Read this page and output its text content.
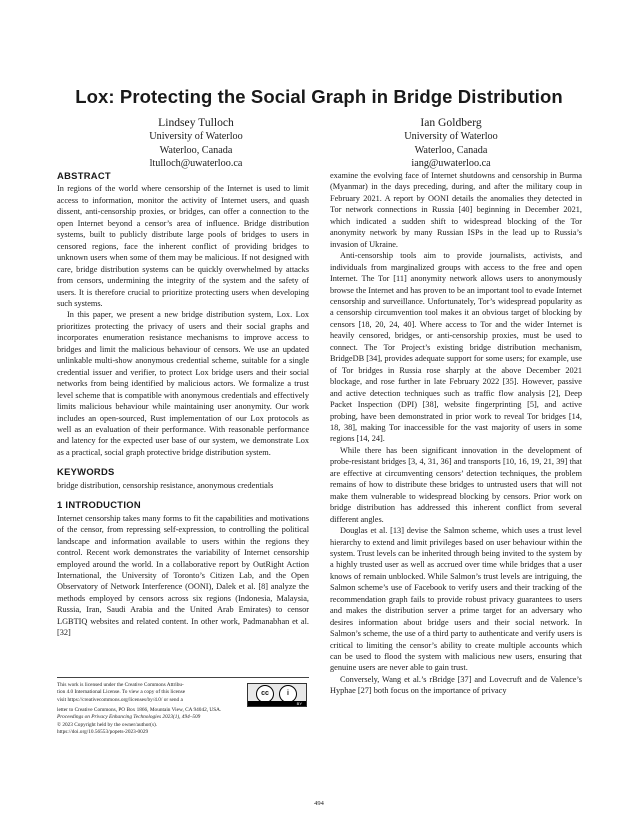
Lox: Protecting the Social Graph in Bridge Distribution
Lindsey Tulloch
University of Waterloo
Waterloo, Canada
ltulloch@uwaterloo.ca
Ian Goldberg
University of Waterloo
Waterloo, Canada
iang@uwaterloo.ca
ABSTRACT

In regions of the world where censorship of the Internet is used to limit access to information, monitor the activity of Internet users, and quash dissent, anti-censorship proxies, or bridges, can offer a connection to the open Internet beyond a censor’s area of influence. Bridge distribution systems, built to publicly distribute large pools of bridges to users in censored regions, face the inherent conflict of providing bridges to unknown users when some of them may be malicious. If not designed with care, bridge distribution systems can be quickly overwhelmed by attacks from censors, undermining the integrity of the system and the safety of users. It is therefore crucial to prioritize protecting users when developing such systems.

In this paper, we present a new bridge distribution system, Lox. Lox prioritizes protecting the privacy of users and their social graphs and incorporates enumeration resistance mechanisms to improve access to bridges and limit the malicious behaviour of censors. We use an updated unlinkable multi-show anonymous credential scheme, suitable for a single credential issuer and verifier, to protect Lox bridge users and their social networks from being identified by malicious actors. We formalize a trust level scheme that is compatible with anonymous credentials and effectively limits malicious behaviour while maintaining user anonymity. Our work includes an open-sourced, Rust implementation of our Lox protocols as well as an evaluation of their performance. With reasonable performance and latency for the expected user base of our system, we demonstrate Lox as a practical, social graph protective bridge distribution system.

KEYWORDS

bridge distribution, censorship resistance, anonymous credentials

1 INTRODUCTION

Internet censorship takes many forms to fit the capabilities and motivations of the censor, from repressing self-expression, to controlling the political landscape and information available to users within the regions they control. Recent work demonstrates the variability of Internet censorship employed around the world. In a collaborative report by OutRight Action International, the University of Toronto’s Citizen Lab, and the Open Observatory of Network Interference (OONI), Dalek et al. [8] analyze the methods employed by censors across six regions (Indonesia, Malaysia, Russia, Iran, Saudi Arabia and the United Arab Emirates) to censor LGBTIQ websites and related content. In other work, Padmanabhan et al. [32]

examine the evolving face of Internet shutdowns and censorship in Burma (Myanmar) in the days preceding, during, and after the military coup in February 2021. A report by OONI details the anomalies they detected in Tor network connections in Russia [40] beginning in December 2021, which indicated a sudden shift to widespread blocking of the Tor anonymity network by many Russian ISPs in the lead up to Russia’s invasion of Ukraine.

Anti-censorship tools aim to provide journalists, activists, and individuals from marginalized groups with access to the free and open Internet. The Tor [11] anonymity network allows users to anonymously browse the Internet and has proven to be an important tool to evade Internet censorship and surveillance. Unfortunately, Tor’s widespread popularity as a censorship circumvention tool makes it an obvious target of blocking by censors [18, 20, 24, 40]. Where access to Tor and the wider Internet is heavily censored, bridges, or anti-censorship proxies, must be used to connect. The Tor Project’s existing bridge distribution mechanism, BridgeDB [34], provides adequate support for some users; for example, use of Tor bridges in Russia rose sharply at the above December 2021 blockage, and rose further in late February 2022 [35]. However, passive and active detection techniques such as traffic flow analysis [2], Deep Packet Inspection (DPI) [38], website fingerprinting [5], and active probing, have been demonstrated in prior work to reveal Tor bridges [14, 18, 38], making Tor inaccessible for the vast majority of users in some regions [14, 24].

While there has been significant innovation in the development of probe-resistant bridges [3, 4, 31, 36] and transports [10, 16, 19, 21, 39] that are effective at circumventing censors’ detection techniques, the problem remains of how to distribute these bridges to untrusted users that will not make them vulnerable to widespread blocking by censors. Prior work on bridge distribution has addressed this inherent conflict from several different angles.

Douglas et al. [13] devise the Salmon scheme, which uses a trust level hierarchy to extend and limit privileges based on user behaviour within the system. Trust levels can be inherited through being invited to the system by a highly trusted user as well as accrued over time while bridges that a user knows of remain unblocked. While Salmon’s trust levels are intriguing, the Salmon scheme’s use of Facebook to verify users and their tracking of the recommendation graph fails to provide robust privacy guarantees to users and makes the distribution server a prime target for an adversary who desires information about bridge users and their social network. In Salmon’s scheme, the use of a third party to authenticate and verify users is critical to limiting the censor’s ability to create multiple accounts which can be used to flood the system with malicious new users, ensuring that genuine users are never able to gain trust.

Conversely, Wang et al.’s rBridge [37] and Lovecruft and de Valence’s Hyphae [27] both focus on the importance of privacy

This work is licensed under the Creative Commons Attribu-
tion 4.0 International License. To view a copy of this license
visit https://creativecommons.org/licenses/by/4.0/ or send a
cc	i
BY
letter to Creative Commons, PO Box 1866, Mountain View, CA 94042, USA.
Proceedings on Privacy Enhancing Technologies 2023(1), 494–509
© 2023 Copyright held by the owner/author(s).
https://doi.org/10.56553/popets-2023-0029
494
